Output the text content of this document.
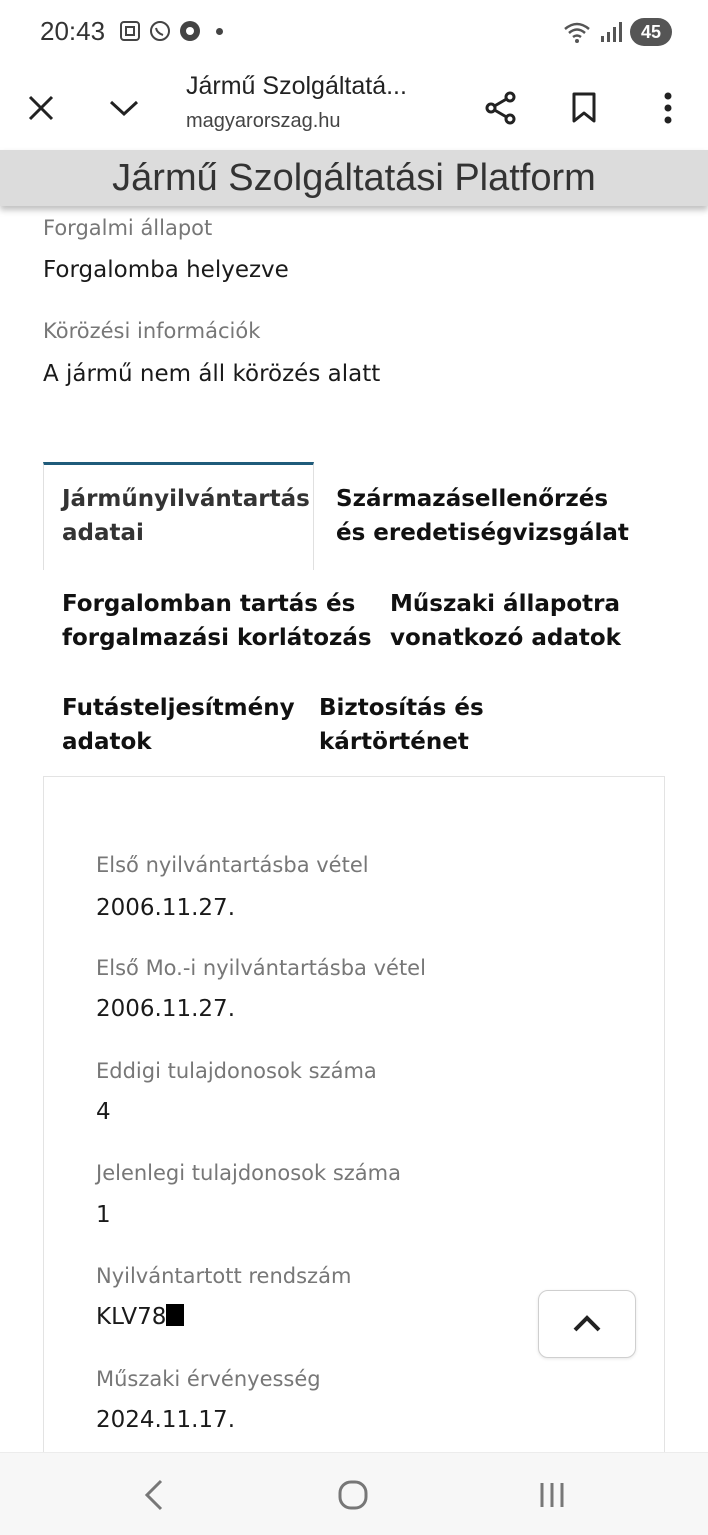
20:43	45
Jármű Szolgáltatá...
magyarorszag.hu
Jármű Szolgáltatási Platform
Forgalmi állapot
Forgalomba helyezve
Körözési információk
A jármű nem áll körözés alatt
Járműnyilvántartás
adatai
Származásellenőrzés
és eredetiségvizsgálat
Forgalomban tartás és
forgalmazási korlátozás
Műszaki állapotra
vonatkozó adatok
Futásteljesítmény
adatok
Biztosítás és
kártörténet
Első nyilvántartásba vétel
2006.11.27.
Első Mo.-i nyilvántartásba vétel
2006.11.27.
Eddigi tulajdonosok száma
4
Jelenlegi tulajdonosok száma
1
Nyilvántartott rendszám
KLV78
Műszaki érvényesség
2024.11.17.
